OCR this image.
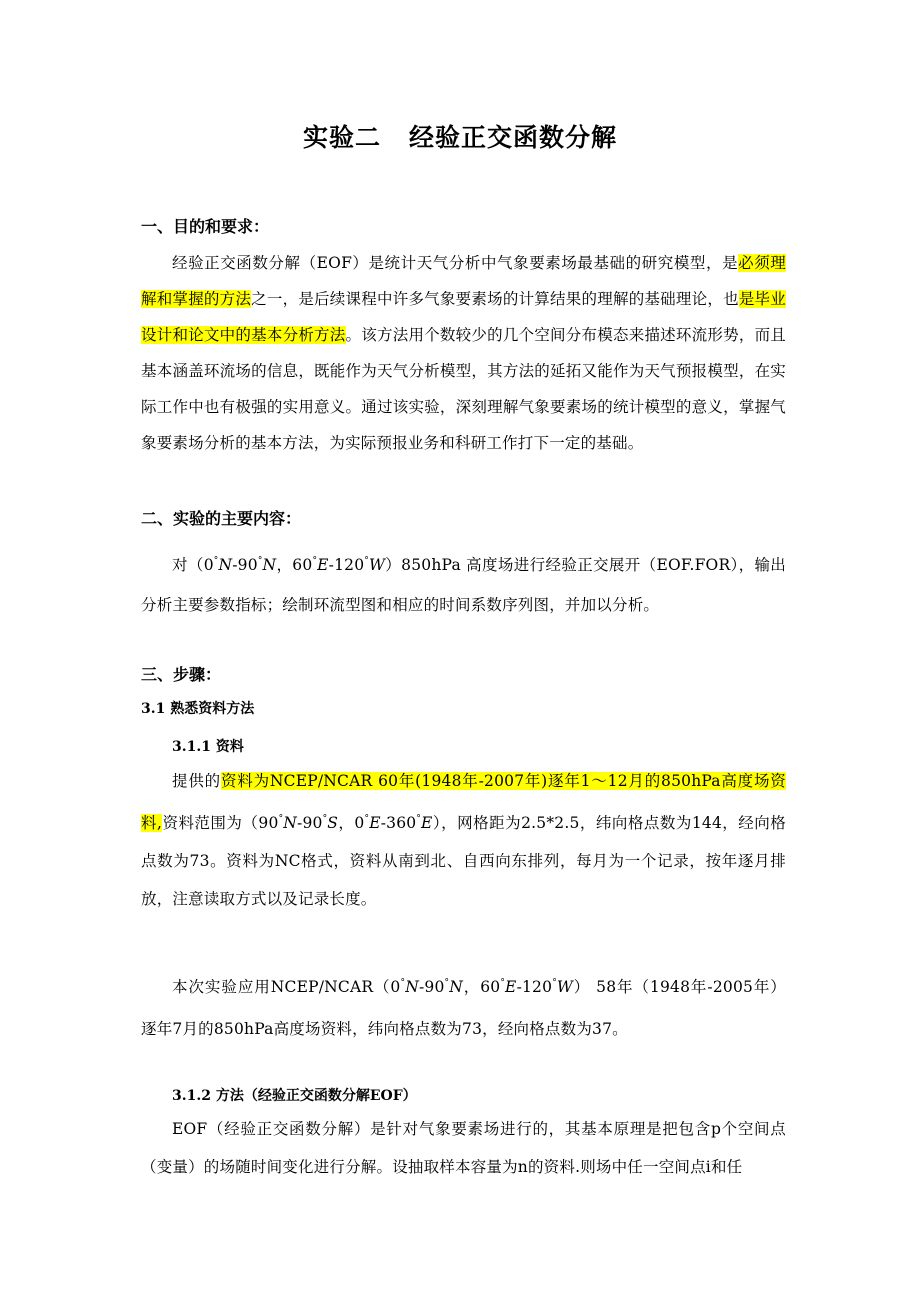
实验二 经验正交函数分解
一、目的和要求：
经验正交函数分解（EOF）是统计天气分析中气象要素场最基础的研究模型，是必须理解和掌握的方法之一，是后续课程中许多气象要素场的计算结果的理解的基础理论，也是毕业设计和论文中的基本分析方法。该方法用个数较少的几个空间分布模态来描述环流形势，而且基本涵盖环流场的信息，既能作为天气分析模型，其方法的延拓又能作为天气预报模型，在实际工作中也有极强的实用意义。通过该实验，深刻理解气象要素场的统计模型的意义，掌握气象要素场分析的基本方法，为实际预报业务和科研工作打下一定的基础。
二、实验的主要内容：
对（0°N-90°N，60°E-120°W）850hPa 高度场进行经验正交展开（EOF.FOR），输出分析主要参数指标；绘制环流型图和相应的时间系数序列图，并加以分析。
三、步骤：
3.1 熟悉资料方法
3.1.1 资料
提供的资料为NCEP/NCAR 60年(1948年-2007年)逐年1～12月的850hPa高度场资料,资料范围为（90°N-90°S，0°E-360°E），网格距为2.5*2.5，纬向格点数为144，经向格点数为73。资料为NC格式，资料从南到北、自西向东排列，每月为一个记录，按年逐月排放，注意读取方式以及记录长度。
本次实验应用NCEP/NCAR（0°N-90°N，60°E-120°W） 58年（1948年-2005年）逐年7月的850hPa高度场资料，纬向格点数为73，经向格点数为37。
3.1.2 方法（经验正交函数分解EOF）
EOF（经验正交函数分解）是针对气象要素场进行的，其基本原理是把包含p个空间点（变量）的场随时间变化进行分解。设抽取样本容量为n的资料.则场中任一空间点i和任
